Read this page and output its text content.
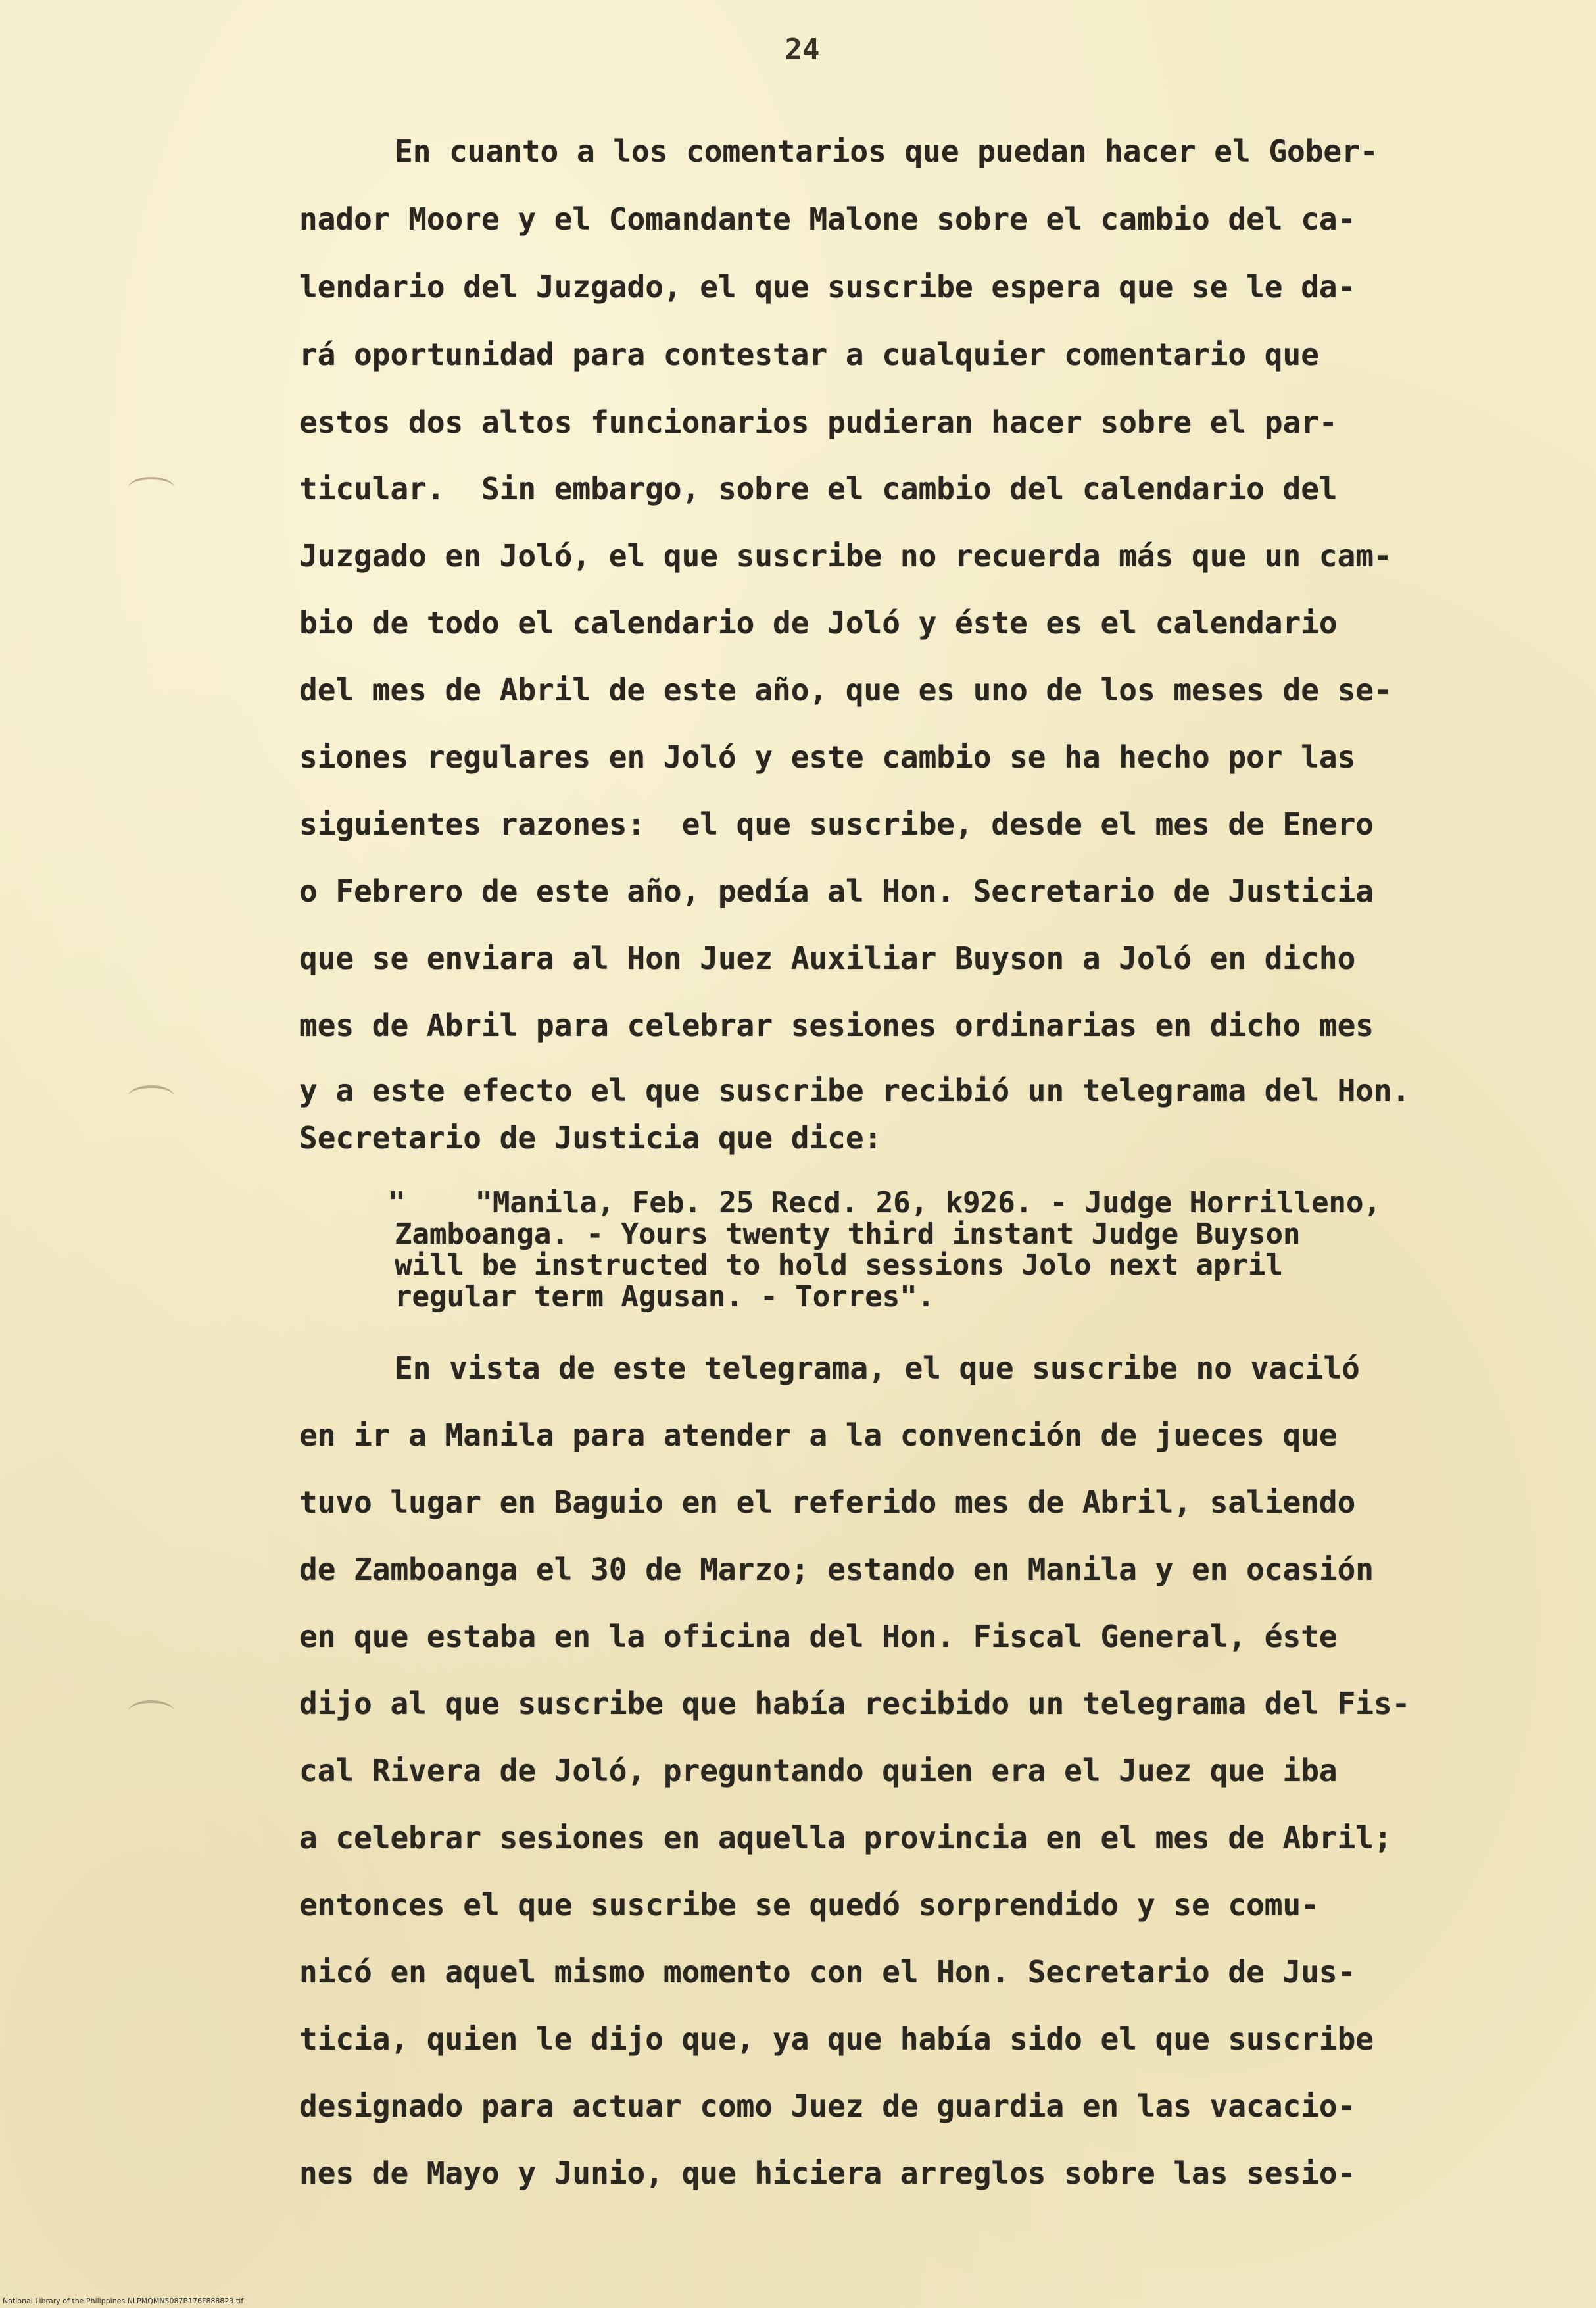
24
En cuanto a los comentarios que puedan hacer el Gober-
nador Moore y el Comandante Malone sobre el cambio del ca-
lendario del Juzgado, el que suscribe espera que se le da-
rá oportunidad para contestar a cualquier comentario que
estos dos altos funcionarios pudieran hacer sobre el par-
ticular.  Sin embargo, sobre el cambio del calendario del
Juzgado en Joló, el que suscribe no recuerda más que un cam-
bio de todo el calendario de Joló y éste es el calendario
del mes de Abril de este año, que es uno de los meses de se-
siones regulares en Joló y este cambio se ha hecho por las
siguientes razones:  el que suscribe, desde el mes de Enero
o Febrero de este año, pedía al Hon. Secretario de Justicia
que se enviara al Hon Juez Auxiliar Buyson a Joló en dicho
mes de Abril para celebrar sesiones ordinarias en dicho mes
y a este efecto el que suscribe recibió un telegrama del Hon.
Secretario de Justicia que dice:
"    "Manila, Feb. 25 Recd. 26, k926. - Judge Horrilleno,
Zamboanga. - Yours twenty third instant Judge Buyson
will be instructed to hold sessions Jolo next april
regular term Agusan. - Torres".
En vista de este telegrama, el que suscribe no vaciló
en ir a Manila para atender a la convención de jueces que
tuvo lugar en Baguio en el referido mes de Abril, saliendo
de Zamboanga el 30 de Marzo; estando en Manila y en ocasión
en que estaba en la oficina del Hon. Fiscal General, éste
dijo al que suscribe que había recibido un telegrama del Fis-
cal Rivera de Joló, preguntando quien era el Juez que iba
a celebrar sesiones en aquella provincia en el mes de Abril;
entonces el que suscribe se quedó sorprendido y se comu-
nicó en aquel mismo momento con el Hon. Secretario de Jus-
ticia, quien le dijo que, ya que había sido el que suscribe
designado para actuar como Juez de guardia en las vacacio-
nes de Mayo y Junio, que hiciera arreglos sobre las sesio-
National Library of the Philippines NLPMQMN5087B176F888823.tif
